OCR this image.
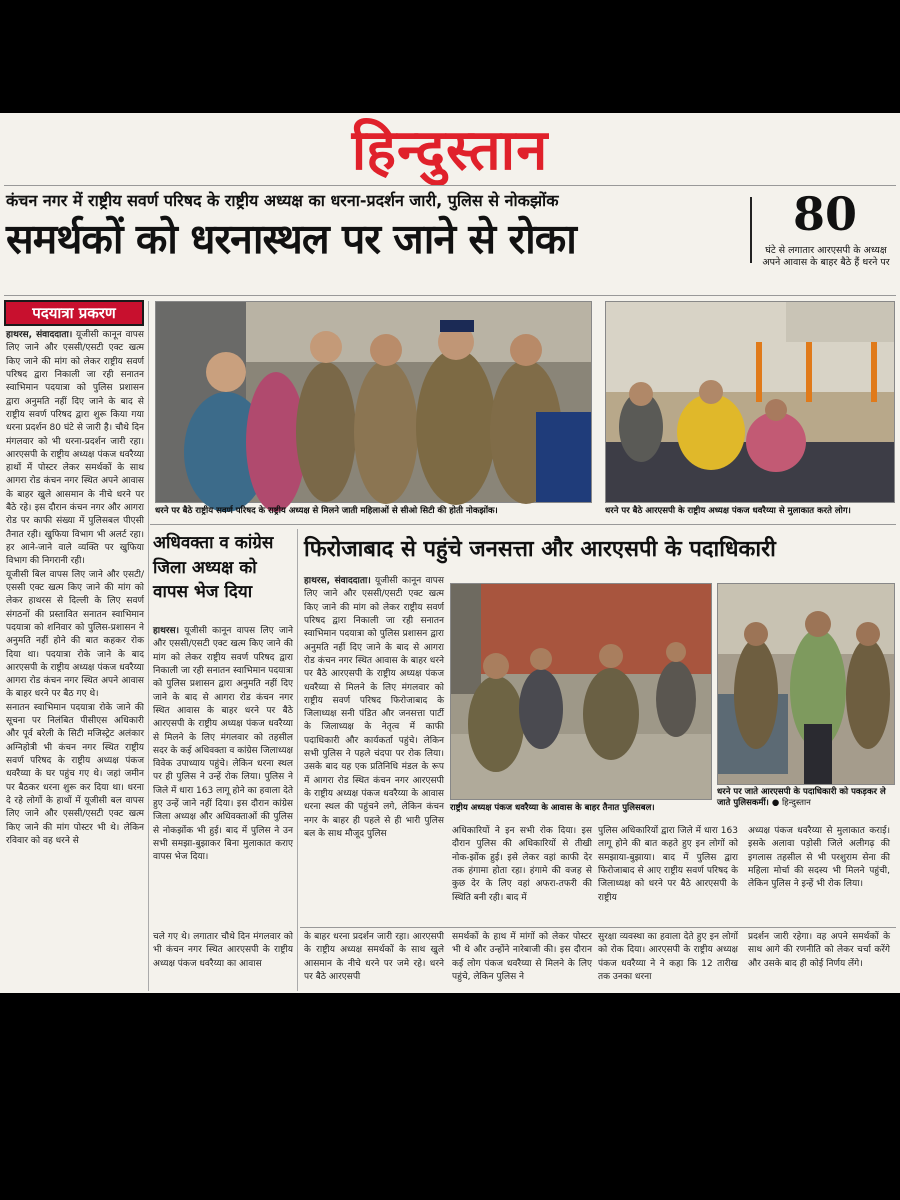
हिन्दुस्तान
कंचन नगर में राष्ट्रीय सवर्ण परिषद के राष्ट्रीय अध्यक्ष का धरना-प्रदर्शन जारी, पुलिस से नोकझोंक
समर्थकों को धरनास्थल पर जाने से रोका	80
घंटे से लगातार आरएसपी के अध्यक्ष अपने आवास के बाहर बैठे हैं धरने पर
पदयात्रा प्रकरण
हाथरस, संवाददाता। यूजीसी कानून वापस लिए जाने और एससी/एसटी एक्ट खत्म किए जाने की मांग को लेकर राष्ट्रीय सवर्ण परिषद द्वारा निकाली जा रही सनातन स्वाभिमान पदयात्रा को पुलिस प्रशासन द्वारा अनुमति नहीं दिए जाने के बाद से राष्ट्रीय सवर्ण परिषद द्वारा शुरू किया गया धरना प्रदर्शन 80 घंटे से जारी है। चौथे दिन मंगलवार को भी धरना-प्रदर्शन जारी रहा। आरएसपी के राष्ट्रीय अध्यक्ष पंकज धवरैय्या हाथों में पोस्टर लेकर समर्थकों के साथ आगरा रोड कंचन नगर स्थित अपने आवास के बाहर खुले आसमान के नीचे धरने पर बैठे रहे। इस दौरान कंचन नगर और आगरा रोड पर काफी संख्या में पुलिसबल पीएसी तैनात रही। खुफिया विभाग भी अलर्ट रहा। हर आने-जाने वाले व्यक्ति पर खुफिया विभाग की निगरानी रही।
यूजीसी बिल वापस लिए जाने और एसटी/एससी एक्ट खत्म किए जाने की मांग को लेकर हाथरस से दिल्ली के लिए सवर्ण संगठनों की प्रस्तावित सनातन स्वाभिमान पदयात्रा को शनिवार को पुलिस-प्रशासन ने अनुमति नहीं होने की बात कहकर रोक दिया था। पदयात्रा रोके जाने के बाद आरएसपी के राष्ट्रीय अध्यक्ष पंकज धवरैय्या आगरा रोड कंचन नगर स्थित अपने आवास के बाहर धरने पर बैठ गए थे।
सनातन स्वाभिमान पदयात्रा रोके जाने की सूचना पर निलंबित पीसीएस अधिकारी और पूर्व बरेली के सिटी मजिस्ट्रेट अलंकार अग्निहोत्री भी कंचन नगर स्थित राष्ट्रीय सवर्ण परिषद के राष्ट्रीय अध्यक्ष पंकज धवरैय्या के घर पहुंच गए थे। जहां जमीन पर बैठकर धरना शुरू कर दिया था। धरना दे रहे लोगों के हाथों में यूजीसी बल वापस लिए जाने और एससी/एसटी एक्ट खत्म किए जाने की मांग पोस्टर भी थे। लेकिन रविवार को वह धरने से
धरने पर बैठे राष्ट्रीय सवर्ण परिषद के राष्ट्रीय अध्यक्ष से मिलने जाती महिलाओं से सीओ सिटी की होती नोकझोंक।	धरने पर बैठे आरएसपी के राष्ट्रीय अध्यक्ष पंकज धवरैय्या से मुलाकात करते लोग।
अधिवक्ता व कांग्रेस जिला अध्यक्ष को वापस भेज दिया
हाथरस। यूजीसी कानून वापस लिए जाने और एससी/एसटी एक्ट खत्म किए जाने की मांग को लेकर राष्ट्रीय सवर्ण परिषद द्वारा निकाली जा रही सनातन स्वाभिमान पदयात्रा को पुलिस प्रशासन द्वारा अनुमति नहीं दिए जाने के बाद से आगरा रोड कंचन नगर स्थित आवास के बाहर धरने पर बैठे आरएसपी के राष्ट्रीय अध्यक्ष पंकज धवरैय्या से मिलने के लिए मंगलवार को तहसील सदर के कई अधिवक्ता व कांग्रेस जिलाध्यक्ष विवेक उपाध्याय पहुंचे। लेकिन धरना स्थल पर ही पुलिस ने उन्हें रोक लिया। पुलिस ने जिले में धारा 163 लागू होने का हवाला देते हुए उन्हें जाने नहीं दिया। इस दौरान कांग्रेस जिला अध्यक्ष और अधिवक्ताओं की पुलिस से नोकझोंक भी हुई। बाद में पुलिस ने उन सभी समझा-बुझाकर बिना मुलाकात कराए वापस भेज दिया।
चले गए थे। लगातार चौथे दिन मंगलवार को भी कंचन नगर स्थित आरएसपी के राष्ट्रीय अध्यक्ष पंकज धवरैय्या का आवास
फिरोजाबाद से पहुंचे जनसत्ता और आरएसपी के पदाधिकारी
हाथरस, संवाददाता। यूजीसी कानून वापस लिए जाने और एससी/एसटी एक्ट खत्म किए जाने की मांग को लेकर राष्ट्रीय सवर्ण परिषद द्वारा निकाली जा रही सनातन स्वाभिमान पदयात्रा को पुलिस प्रशासन द्वारा अनुमति नहीं दिए जाने के बाद से आगरा रोड कंचन नगर स्थित आवास के बाहर धरने पर बैठे आरएसपी के राष्ट्रीय अध्यक्ष पंकज धवरैय्या से मिलने के लिए मंगलवार को राष्ट्रीय सवर्ण परिषद फिरोजाबाद के जिलाध्यक्ष सनी पंडित और जनसत्ता पार्टी के जिलाध्यक्ष के नेतृत्व में काफी पदाधिकारी और कार्यकर्ता पहुंचे। लेकिन सभी पुलिस ने पहले चंदपा पर रोक लिया। उसके बाद यह एक प्रतिनिधि मंडल के रूप में आगरा रोड स्थित कंचन नगर आरएसपी के राष्ट्रीय अध्यक्ष पंकज धवरैय्या के आवास धरना स्थल की पहुंचने लगे, लेकिन कंचन नगर के बाहर ही पहले से ही भारी पुलिस बल के साथ मौजूद पुलिस
राष्ट्रीय अध्यक्ष पंकज धवरैय्या के आवास के बाहर तैनात पुलिसबल।
धरने पर जाते आरएसपी के पदाधिकारी को पकड़कर ले जाते पुलिसकर्मी। ● हिन्दुस्तान
अधिकारियों ने इन सभी रोक दिया। इस दौरान पुलिस की अधिकारियों से तीखी नोक-झोंक हुई। इसे लेकर वहां काफी देर तक हंगामा होता रहा। हंगामे की वजह से कुछ देर के लिए वहां अफरा-तफरी की स्थिति बनी रही। बाद में
पुलिस अधिकारियों द्वारा जिले में धारा 163 लागू होने की बात कहते हुए इन लोगों को समझाया-बुझाया। बाद में पुलिस द्वारा फिरोजाबाद से आए राष्ट्रीय सवर्ण परिषद के जिलाध्यक्ष को धरने पर बैठे आरएसपी के राष्ट्रीय
अध्यक्ष पंकज धवरैय्या से मुलाकात कराई। इसके अलावा पड़ोसी जिले अलीगढ़ की इगलास तहसील से भी परशुराम सेना की महिला मोर्चा की सदस्य भी मिलने पहुंची, लेकिन पुलिस ने इन्हें भी रोक लिया।
के बाहर धरना प्रदर्शन जारी रहा। आरएसपी के राष्ट्रीय अध्यक्ष समर्थकों के साथ खुले आसमान के नीचे धरने पर जमे रहे। धरने पर बैठे आरएसपी
समर्थकों के हाथ में मांगों को लेकर पोस्टर भी थे और उन्होंने नारेबाजी की। इस दौरान कई लोग पंकज धवरैय्या से मिलने के लिए पहुंचे, लेकिन पुलिस ने
सुरक्षा व्यवस्था का हवाला देते हुए इन लोगों को रोक दिया। आरएसपी के राष्ट्रीय अध्यक्ष पंकज धवरैय्या ने ने कहा कि 12 तारीख तक उनका धरना
प्रदर्शन जारी रहेगा। वह अपने समर्थकों के साथ आगे की रणनीति को लेकर चर्चा करेंगे और उसके बाद ही कोई निर्णय लेंगे।
